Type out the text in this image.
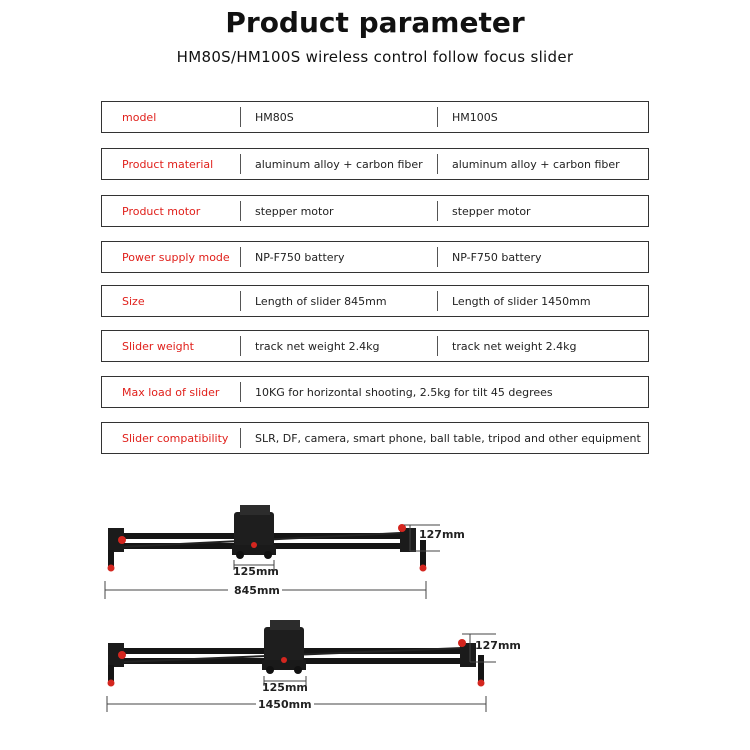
Product parameter
HM80S/HM100S wireless control follow focus slider
model	HM80S	HM100S
Product material	aluminum alloy + carbon fiber	aluminum alloy + carbon fiber
Product motor	stepper motor	stepper motor
Power supply mode	NP-F750 battery	NP-F750 battery
Size	Length of slider 845mm	Length of slider 1450mm
Slider weight	track net weight 2.4kg	track net weight 2.4kg
Max load of slider	10KG for horizontal shooting, 2.5kg for tilt 45 degrees
Slider compatibility	SLR, DF, camera, smart phone, ball table, tripod and other equipment
127mm
125mm
845mm
127mm
125mm
1450mm
